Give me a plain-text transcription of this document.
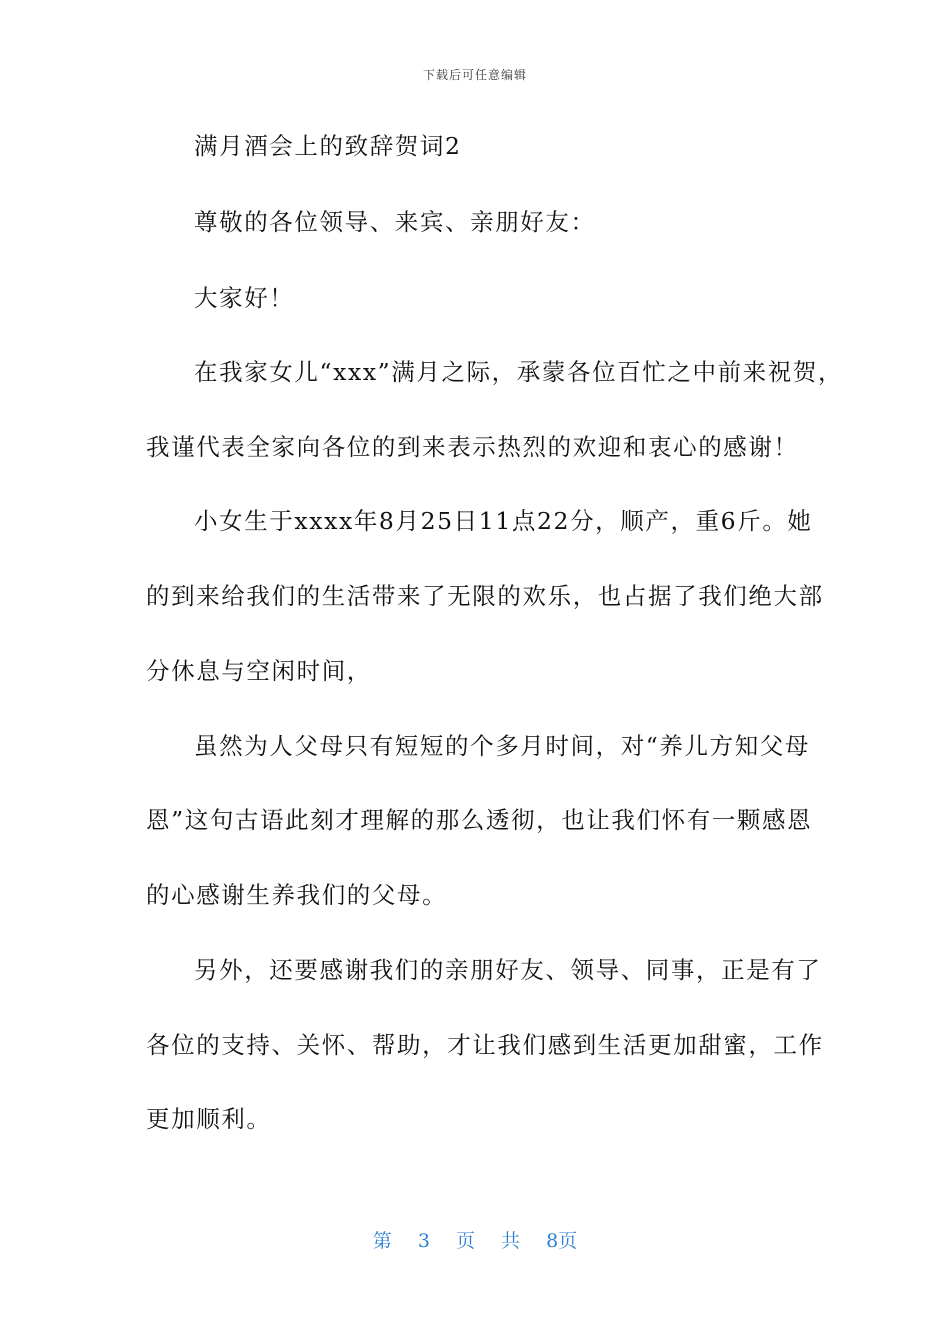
下载后可任意编辑
满月酒会上的致辞贺词2
尊敬的各位领导、来宾、亲朋好友：
大家好！
在我家女儿“xxx”满月之际，承蒙各位百忙之中前来祝贺，
我谨代表全家向各位的到来表示热烈的欢迎和衷心的感谢！
小女生于xxxx年8月25日11点22分，顺产，重6斤。她
的到来给我们的生活带来了无限的欢乐，也占据了我们绝大部
分休息与空闲时间，
虽然为人父母只有短短的个多月时间，对“养儿方知父母
恩”这句古语此刻才理解的那么透彻，也让我们怀有一颗感恩
的心感谢生养我们的父母。
另外，还要感谢我们的亲朋好友、领导、同事，正是有了
各位的支持、关怀、帮助，才让我们感到生活更加甜蜜，工作
更加顺利。
第 3 页 共 8页
